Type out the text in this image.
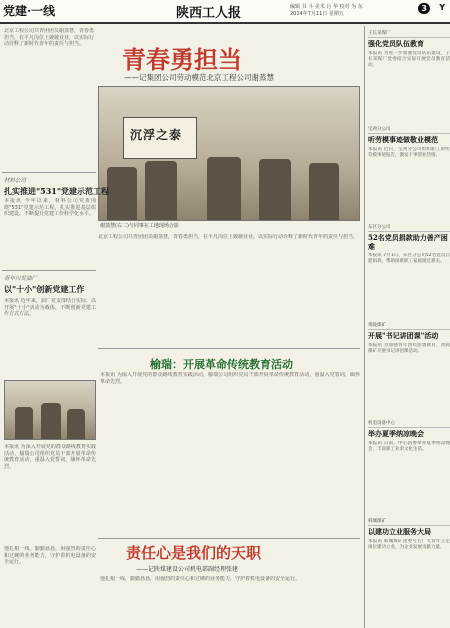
党建·一线	陕西工人报	编辑 书 斗 美术 月 华 校对 为 东
2014年7月11日 星期五
3	Y

北京工程公司共青团团员谢蒸慧，青春勇担当，在平凡岗位上兢兢业业，以实际行动诠释了新时代青年的责任与担当。

青春勇担当
——记集团公司劳动模范北京工程公司谢蒸慧
沉浮之泰
谢蒸慧(右二)与同事在工地现场合影
材料公司
扎实推进"531"党建示范工程

本报讯 今年以来，材料公司党委围绕"531"党建示范工程，扎实推进基层组织建设，不断提升党建工作科学化水平。

青年川发油厂
以"十小"创新党建工作

本报讯 近年来，油厂党支部结合实际，以开展"十小"活动为载体，不断创新党建工作方式方法。

北京工程公司共青团团员谢蒸慧，青春勇担当，在平凡岗位上兢兢业业，以实际行动诠释了新时代青年的责任与担当。

榆瑞：开展革命传统教育活动

本报讯 为深入开展党的群众路线教育实践活动，榆瑞公司组织党员干部开展革命传统教育活动，重温入党誓词，缅怀革命先烈。

本报讯 为深入开展党的群众路线教育实践活动，榆瑞公司组织党员干部开展革命传统教育活动，重温入党誓词，缅怀革命先烈。

责任心是我们的天职
——记陕煤建设公司机电部副经理张建

他扎根一线，勤勤恳恳，用强烈的责任心和过硬的业务能力，守护着机电设备的安全运行。

他扎根一线，勤勤恳恳，用强烈的责任心和过硬的业务能力，守护着机电设备的安全运行。

子长采煤厂
强化党员队伍教育
本报讯 为进一步加强党员队伍建设，子长采煤厂党委结合实际开展党员教育活动。
宝鸡分公司
听劳模事迹做敬业模范
本报讯 近日，宝鸡分公司组织职工聆听劳模事迹报告，激发干事创业热情。
东区分公司
52名党员捐款助力善产困难
本报讯 7月1日，东区分公司52名党员自愿捐款，帮助困难职工家庭渡过难关。
黄陵煤矿
开展"书记讲团课"活动
本报讯 为加强青年团员思想教育，黄陵煤矿开展书记讲团课活动。
机电设备中心
举办夏季纳凉晚会
本报讯 日前，中心团委举办夏季纳凉晚会，丰富职工业余文化生活。
韩城煤矿
以建功立业服务大局
本报讯 韩城煤矿团委号召广大青年立足岗位建功立业，为企业发展贡献力量。
